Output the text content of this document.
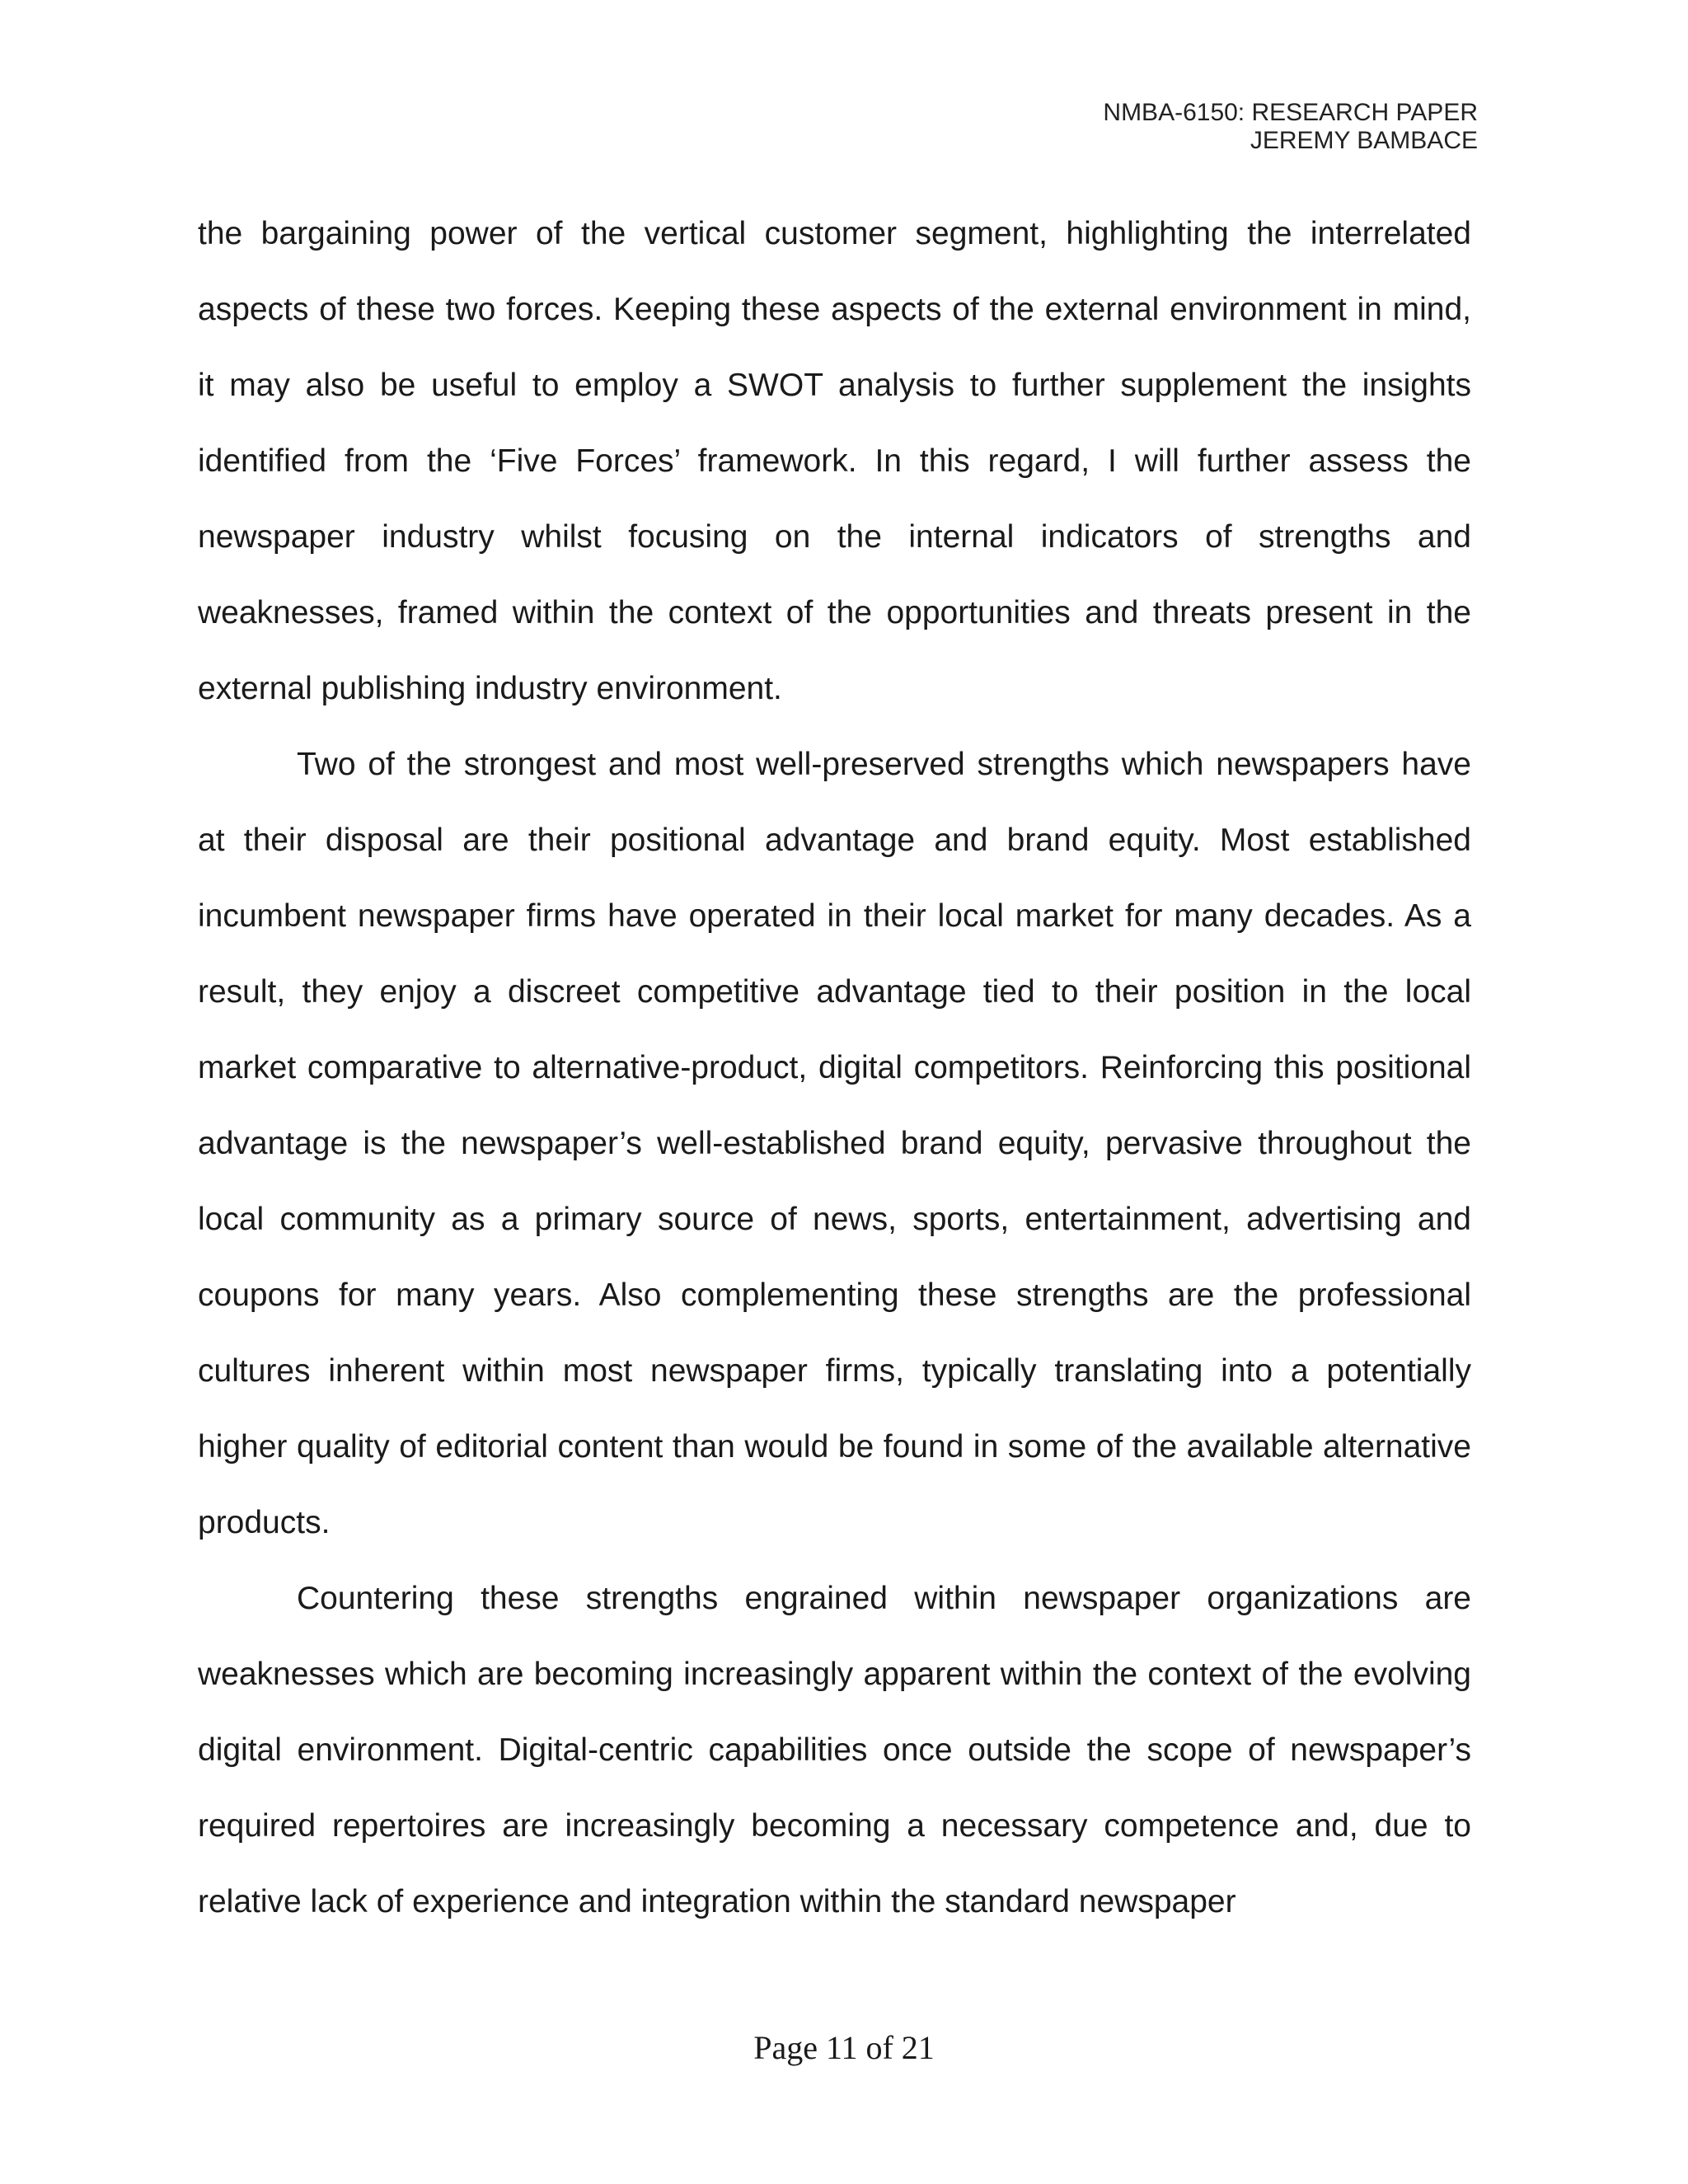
NMBA-6150: RESEARCH PAPER
JEREMY BAMBACE

the bargaining power of the vertical customer segment, highlighting the interrelated aspects of these two forces. Keeping these aspects of the external environment in mind, it may also be useful to employ a SWOT analysis to further supplement the insights identified from the ‘Five Forces’ framework. In this regard, I will further assess the newspaper industry whilst focusing on the internal indicators of strengths and weaknesses, framed within the context of the opportunities and threats present in the external publishing industry environment.

Two of the strongest and most well-preserved strengths which newspapers have at their disposal are their positional advantage and brand equity. Most established incumbent newspaper firms have operated in their local market for many decades. As a result, they enjoy a discreet competitive advantage tied to their position in the local market comparative to alternative-product, digital competitors. Reinforcing this positional advantage is the newspaper’s well-established brand equity, pervasive throughout the local community as a primary source of news, sports, entertainment, advertising and coupons for many years. Also complementing these strengths are the professional cultures inherent within most newspaper firms, typically translating into a potentially higher quality of editorial content than would be found in some of the available alternative products.

Countering these strengths engrained within newspaper organizations are weaknesses which are becoming increasingly apparent within the context of the evolving digital environment. Digital-centric capabilities once outside the scope of newspaper’s required repertoires are increasingly becoming a necessary competence and, due to relative lack of experience and integration within the standard newspaper

Page 11 of 21
